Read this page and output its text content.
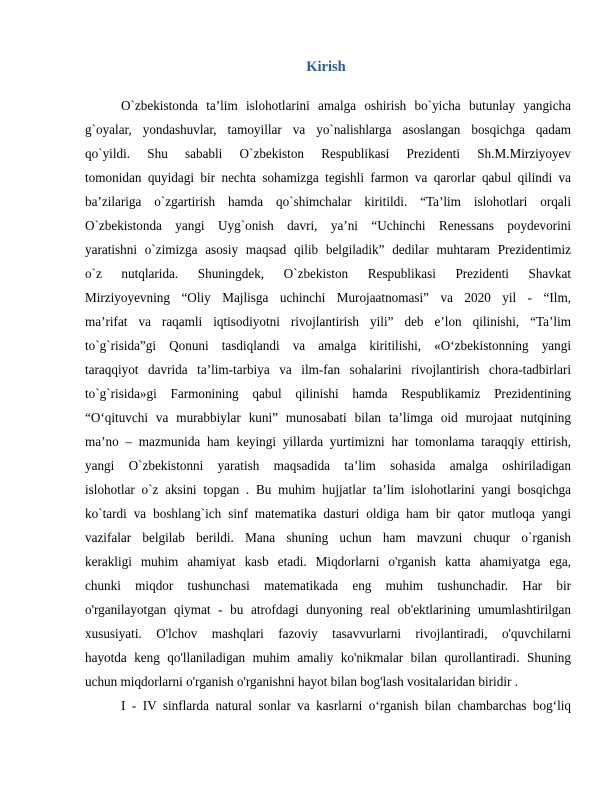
Kirish
O`zbekistonda ta’lim islohotlarini amalga oshirish bo`yicha butunlay yangicha
g`oyalar, yondashuvlar, tamoyillar va yo`nalishlarga asoslangan bosqichga qadam
qo`yildi. Shu sababli O`zbekiston Respublikasi Prezidenti Sh.M.Mirziyoyev
tomonidan quyidagi bir nechta sohamizga tegishli farmon va qarorlar qabul qilindi va
ba’zilariga o`zgartirish hamda qo`shimchalar kiritildi. “Ta’lim islohotlari orqali
O`zbekistonda yangi Uyg`onish davri, ya’ni “Uchinchi Renessans poydevorini
yaratishni o`zimizga asosiy maqsad qilib belgiladik” dedilar muhtaram Prezidentimiz
o`z nutqlarida. Shuningdek, O`zbekiston Respublikasi Prezidenti Shavkat
Mirziyoyevning “Oliy Majlisga uchinchi Murojaatnomasi” va 2020 yil - “Ilm,
ma’rifat va raqamli iqtisodiyotni rivojlantirish yili” deb e’lon qilinishi, “Ta’lim
to`g`risida”gi Qonuni tasdiqlandi va amalga kiritilishi, «O‘zbekistonning yangi
taraqqiyot davrida ta’lim-tarbiya va ilm-fan sohalarini rivojlantirish chora-tadbirlari
to`g`risida»gi Farmonining qabul qilinishi hamda Respublikamiz Prezidentining
“O‘qituvchi va murabbiylar kuni” munosabati bilan ta’limga oid murojaat nutqining
ma’no – mazmunida ham keyingi yillarda yurtimizni har tomonlama taraqqiy ettirish,
yangi O`zbekistonni yaratish maqsadida ta’lim sohasida amalga oshiriladigan
islohotlar o`z aksini topgan . Bu muhim hujjatlar ta’lim islohotlarini yangi bosqichga
ko`tardi va boshlang`ich sinf matematika dasturi oldiga ham bir qator mutloqa yangi
vazifalar belgilab berildi. Mana shuning uchun ham mavzuni chuqur o`rganish
kerakligi muhim ahamiyat kasb etadi. Miqdorlarni o'rganish katta ahamiyatga ega,
chunki miqdor tushunchasi matematikada eng muhim tushunchadir. Har bir
o'rganilayotgan qiymat - bu atrofdagi dunyoning real ob'ektlarining umumlashtirilgan
xususiyati. O'lchov mashqlari fazoviy tasavvurlarni rivojlantiradi, o'quvchilarni
hayotda keng qo'llaniladigan muhim amaliy ko'nikmalar bilan qurollantiradi. Shuning
uchun miqdorlarni o'rganish o'rganishni hayot bilan bog'lash vositalaridan biridir .
I - IV sinflarda natural sonlar va kasrlarni o‘rganish bilan chambarchas bog‘liq
